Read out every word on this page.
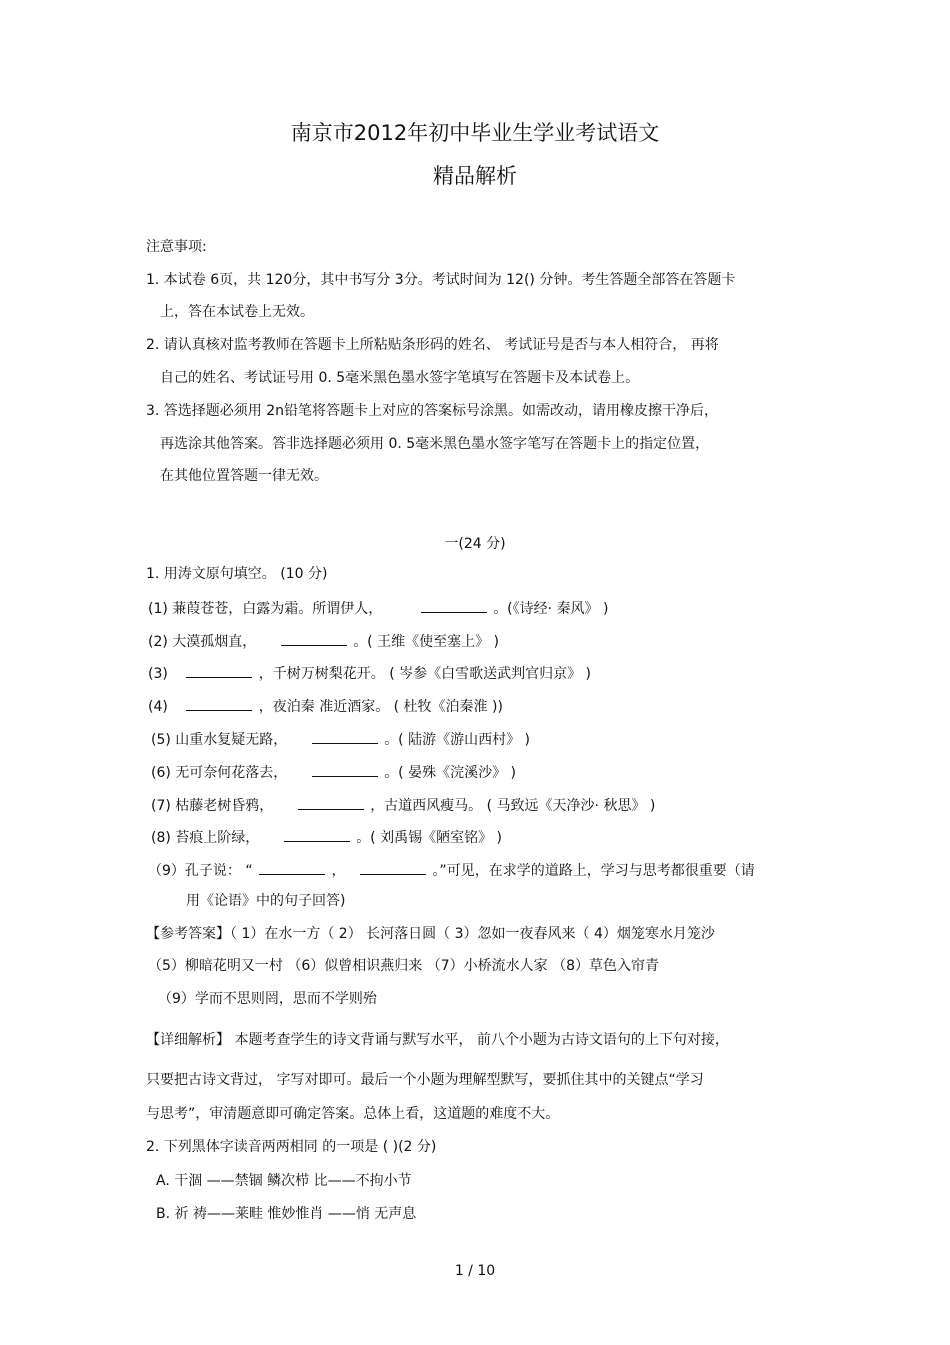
南京市2012年初中毕业生学业考试语文
精品解析
注意事项:
1. 本试卷 6页，共 120分，其中书写分 3分。考试时间为 12() 分钟。考生答题全部答在答题卡
上，答在本试卷上无效。
2. 请认真核对监考教师在答题卡上所粘贴条形码的姓名、 考试证号是否与本人相符合， 再将
自己的姓名、考试证号用 0. 5毫米黑色墨水签字笔填写在答题卡及本试卷上。
3. 答选择题必须用 2n铅笔将答题卡上对应的答案标号涂黑。如需改动，请用橡皮擦干净后，
再选涂其他答案。答非选择题必须用 0. 5毫米黑色墨水签字笔写在答题卡上的指定位置，
在其他位置答题一律无效。
一(24 分)
1. 用涛文原句填空。 (10 分)
(1) 蒹葭苍苍，白露为霜。所谓伊人，	。(《诗经· 秦风》 )
(2) 大漠孤烟直，	。( 王维《使至塞上》 )
(3)	，千树万树梨花开。 ( 岑参《白雪歌送武判官归京》 )
(4)	，夜泊秦 准近酒家。 ( 杜牧《泊秦淮 ))
(5) 山重水复疑无路，	。( 陆游《游山西村》 )
(6) 无可奈何花落去，	。( 晏殊《浣溪沙》 )
(7) 枯藤老树昏鸦，	，古道西风瘦马。 ( 马致远《天净沙· 秋思》 )
(8) 苔痕上阶绿，	。( 刘禹锡《陋室铭》 )
（9）孔子说： “	，	。”可见，在求学的道路上，学习与思考都很重要（请
用《论语》中的句子回答)
【参考答案】（ 1）在水一方（ 2） 长河落日圆（ 3）忽如一夜春风来（ 4）烟笼寒水月笼沙
（5）柳暗花明又一村 （6）似曾相识燕归来 （7）小桥流水人家 （8）草色入帘青
（9）学而不思则罔，思而不学则殆
【详细解析】 本题考查学生的诗文背诵与默写水平， 前八个小题为古诗文语句的上下句对接，
只要把古诗文背过， 字写对即可。最后一个小题为理解型默写，要抓住其中的关键点“学习
与思考”，审清题意即可确定答案。总体上看，这道题的难度不大。
2. 下列黑体字读音两两相同 的一项是 ( )(2 分)
A. 干涸 ——禁锢 鳞次栉 比——不拘小节
B. 祈 祷——莱畦 惟妙惟肖 ——悄 无声息
1 / 10
